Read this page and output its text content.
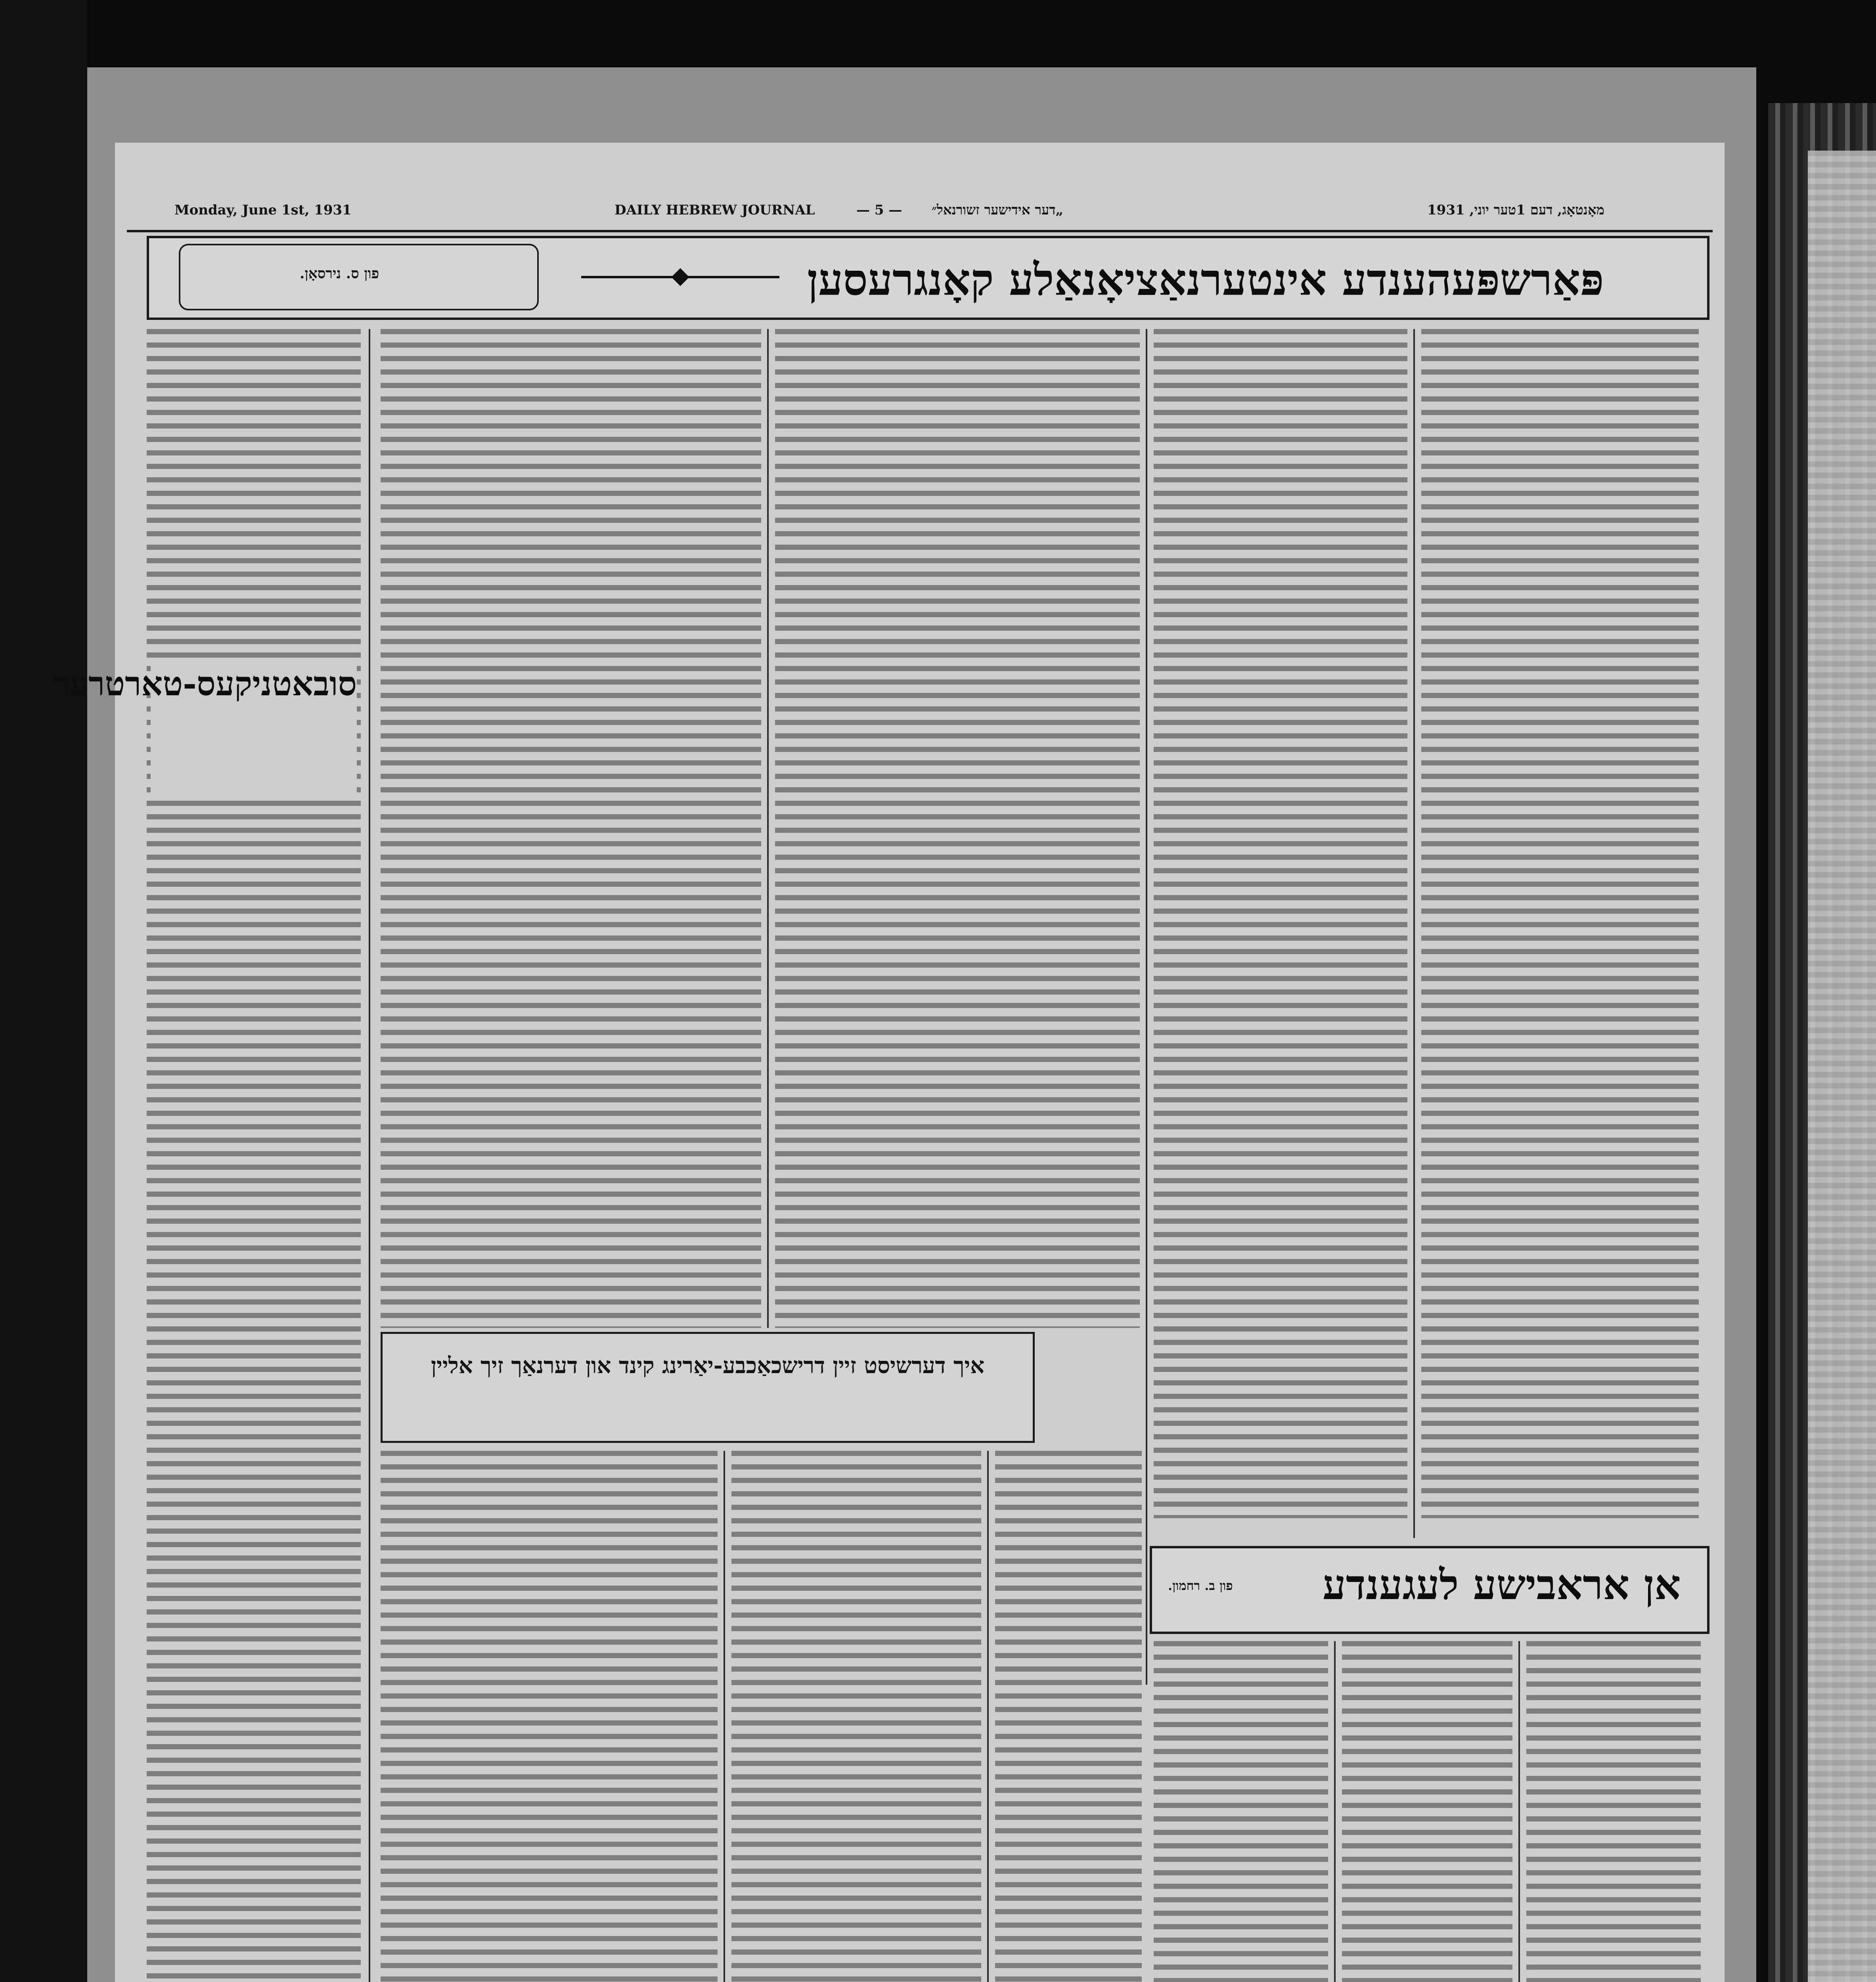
Monday, June 1st, 1931	DAILY HEBREW JOURNAL	— 5 — „דער אידישער זשורנאל״	מאָנטאָג, דעם 1טער יוני, 1931
פּאַרשפּעהענדע אינטערנאַציאָנאַלע קאָנגרעסען
פון ס. נירסאָן.
סובאטניקעס-טארטרער
איך דערשיסט זיין דרישכאַכבע-יאַרינג קינד און דערנאַך זיך אליין
אן אראבישע לעגענדע
פון ב. רחמון.
